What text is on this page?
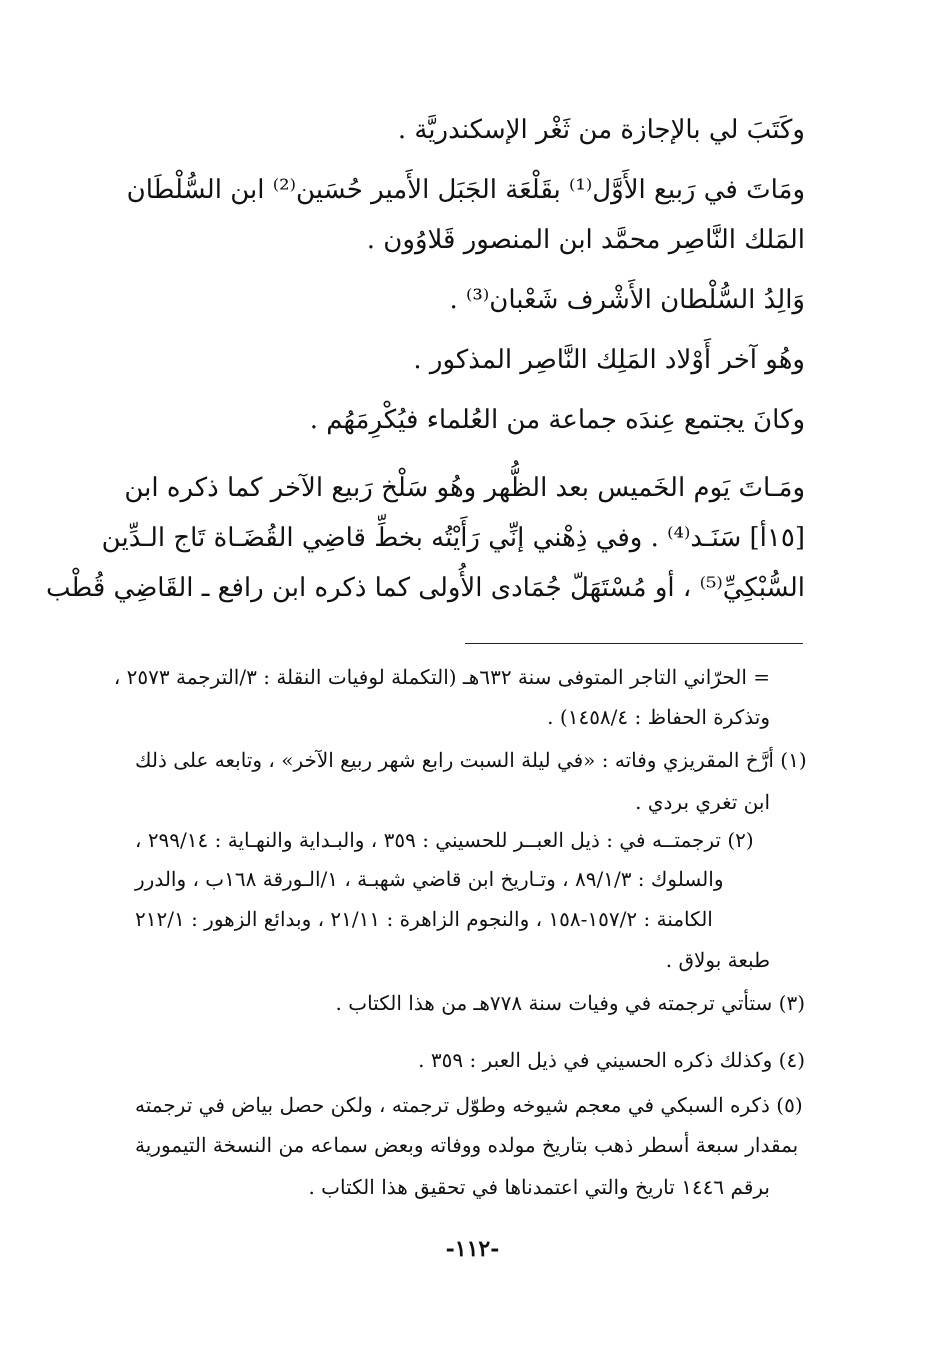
وكَتَبَ لي بالإجازة من ثَغْر الإسكندريَّة .
ومَاتَ في رَبيع الأَوَّل⁽¹⁾ بقَلْعَة الجَبَل الأَمير حُسَين⁽²⁾ ابن السُّلْطَان
المَلك النَّاصِر محمَّد ابن المنصور قَلاوُون .
وَالِدُ السُّلْطان الأَشْرف شَعْبان⁽³⁾ .
وهُو آخر أَوْلاد المَلِك النَّاصِر المذكور .
وكانَ يجتمع عِندَه جماعة من العُلماء فيُكْرِمَهُم .
ومَـاتَ يَوم الخَميس بعد الظُّهر وهُو سَلْخ رَبيع الآخر كما ذكره ابن
[١٥أ] سَنَـد⁽⁴⁾ . وفي ذِهْني إنِّي رَأَيْتُه بخطِّ قاضِي القُضَـاة تَاج الـدِّين
السُّبْكِيِّ⁽⁵⁾ ، أو مُسْتَهَلّ جُمَادى الأُولى كما ذكره ابن رافع ـ القَاضِي قُطْب
= الحرّاني التاجر المتوفى سنة ٦٣٢هـ (التكملة لوفيات النقلة : ٣/الترجمة ٢٥٧٣ ،
وتذكرة الحفاظ : ١٤٥٨/٤) .
(١) أرَّخ المقريزي وفاته : «في ليلة السبت رابع شهر ربيع الآخر» ، وتابعه على ذلك
ابن تغري بردي .
(٢) ترجمتــه في : ذيل العبــر للحسيني : ٣٥٩ ، والبـداية والنهـاية : ٢٩٩/١٤ ،
والسلوك : ٨٩/١/٣ ، وتـاريخ ابن قاضي شهبـة ، ١/الـورقة ١٦٨ب ، والدرر
الكامنة : ١٥٧/٢-١٥٨ ، والنجوم الزاهرة : ٢١/١١ ، وبدائع الزهور : ٢١٢/١
طبعة بولاق .
(٣) ستأتي ترجمته في وفيات سنة ٧٧٨هـ من هذا الكتاب .
(٤) وكذلك ذكره الحسيني في ذيل العبر : ٣٥٩ .
(٥) ذكره السبكي في معجم شيوخه وطوّل ترجمته ، ولكن حصل بياض في ترجمته
بمقدار سبعة أسطر ذهب بتاريخ مولده ووفاته وبعض سماعه من النسخة التيمورية
برقم ١٤٤٦ تاريخ والتي اعتمدناها في تحقيق هذا الكتاب .
-١١٢-
